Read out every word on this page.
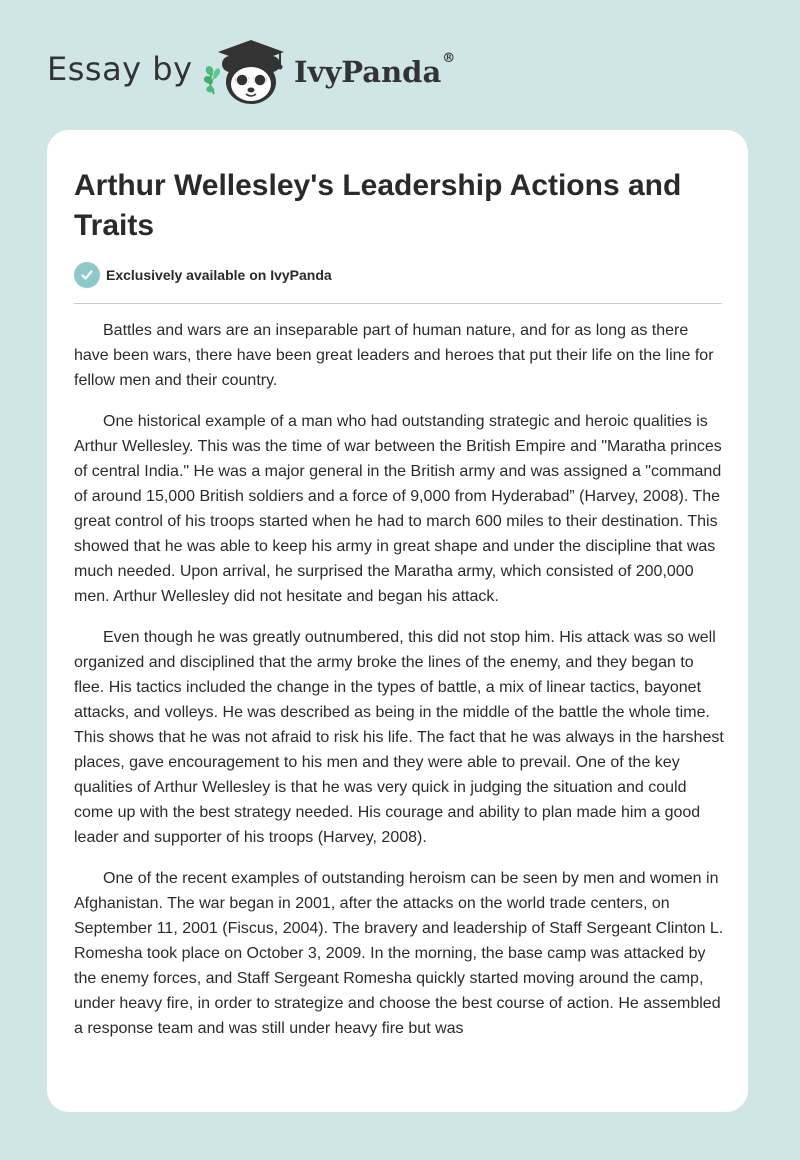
Essay by	IvyPanda®
Arthur Wellesley's Leadership Actions and Traits
Exclusively available on IvyPanda

Battles and wars are an inseparable part of human nature, and for as long as there have been wars, there have been great leaders and heroes that put their life on the line for fellow men and their country.

One historical example of a man who had outstanding strategic and heroic qualities is Arthur Wellesley. This was the time of war between the British Empire and "Maratha princes of central India." He was a major general in the British army and was assigned a "command of around 15,000 British soldiers and a force of 9,000 from Hyderabad” (Harvey, 2008). The great control of his troops started when he had to march 600 miles to their destination. This showed that he was able to keep his army in great shape and under the discipline that was much needed. Upon arrival, he surprised the Maratha army, which consisted of 200,000 men. Arthur Wellesley did not hesitate and began his attack.

Even though he was greatly outnumbered, this did not stop him. His attack was so well organized and disciplined that the army broke the lines of the enemy, and they began to flee. His tactics included the change in the types of battle, a mix of linear tactics, bayonet attacks, and volleys. He was described as being in the middle of the battle the whole time. This shows that he was not afraid to risk his life. The fact that he was always in the harshest places, gave encouragement to his men and they were able to prevail. One of the key qualities of Arthur Wellesley is that he was very quick in judging the situation and could come up with the best strategy needed. His courage and ability to plan made him a good leader and supporter of his troops (Harvey, 2008).

One of the recent examples of outstanding heroism can be seen by men and women in Afghanistan. The war began in 2001, after the attacks on the world trade centers, on September 11, 2001 (Fiscus, 2004). The bravery and leadership of Staff Sergeant Clinton L. Romesha took place on October 3, 2009. In the morning, the base camp was attacked by the enemy forces, and Staff Sergeant Romesha quickly started moving around the camp, under heavy fire, in order to strategize and choose the best course of action. He assembled a response team and was still under heavy fire but was
